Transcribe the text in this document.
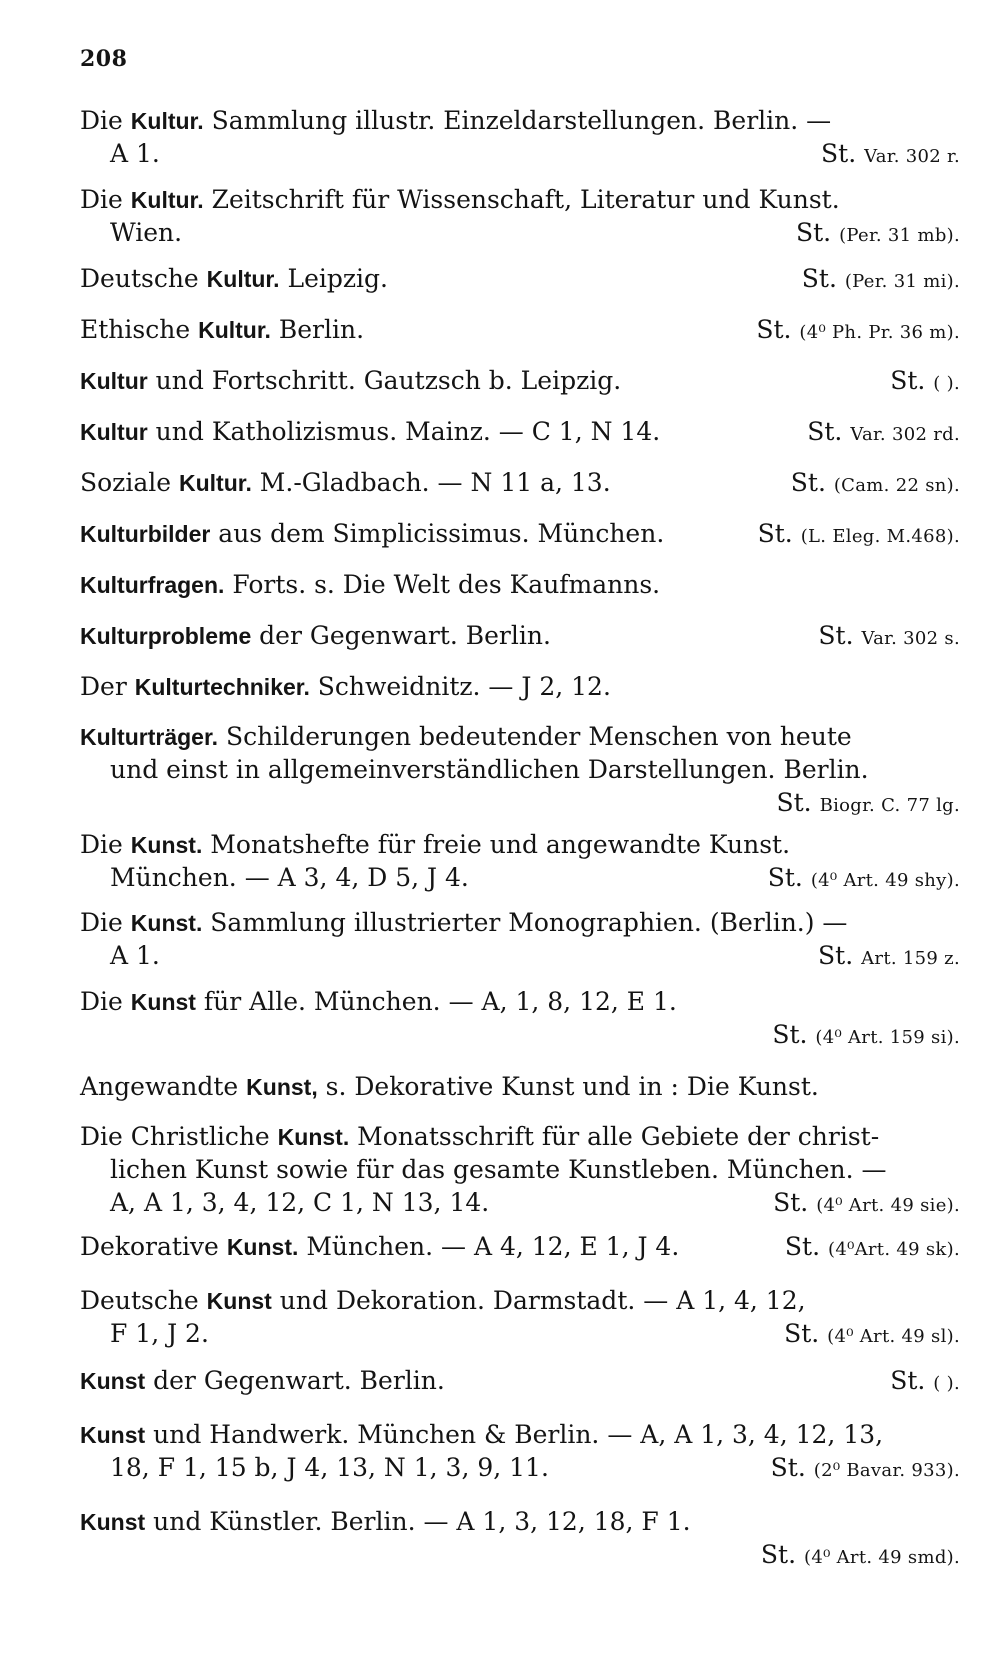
208
Die Kultur. Sammlung illustr. Einzeldarstellungen. Berlin. —
A 1.	St. Var. 302 r.
Die Kultur. Zeitschrift für Wissenschaft, Literatur und Kunst.
Wien.	St. (Per. 31 mb).
Deutsche Kultur. Leipzig.	St. (Per. 31 mi).
Ethische Kultur. Berlin.	St. (4⁰ Ph. Pr. 36 m).
Kultur und Fortschritt. Gautzsch b. Leipzig.	St. ( ).
Kultur und Katholizismus. Mainz. — C 1, N 14.	St. Var. 302 rd.
Soziale Kultur. M.-Gladbach. — N 11 a, 13.	St. (Cam. 22 sn).
Kulturbilder aus dem Simplicissimus. München.	St. (L. Eleg. M.468).
Kulturfragen. Forts. s. Die Welt des Kaufmanns.
Kulturprobleme der Gegenwart. Berlin.	St. Var. 302 s.
Der Kulturtechniker. Schweidnitz. — J 2, 12.
Kulturträger. Schilderungen bedeutender Menschen von heute
und einst in allgemeinverständlichen Darstellungen. Berlin.
St. Biogr. C. 77 lg.
Die Kunst. Monatshefte für freie und angewandte Kunst.
München. — A 3, 4, D 5, J 4.	St. (4⁰ Art. 49 shy).
Die Kunst. Sammlung illustrierter Monographien. (Berlin.) —
A 1.	St. Art. 159 z.
Die Kunst für Alle. München. — A, 1, 8, 12, E 1.
St. (4⁰ Art. 159 si).
Angewandte Kunst, s. Dekorative Kunst und in : Die Kunst.
Die Christliche Kunst. Monatsschrift für alle Gebiete der christ-
lichen Kunst sowie für das gesamte Kunstleben. München. —
A, A 1, 3, 4, 12, C 1, N 13, 14.	St. (4⁰ Art. 49 sie).
Dekorative Kunst. München. — A 4, 12, E 1, J 4.	St. (4⁰Art. 49 sk).
Deutsche Kunst und Dekoration. Darmstadt. — A 1, 4, 12,
F 1, J 2.	St. (4⁰ Art. 49 sl).
Kunst der Gegenwart. Berlin.	St. ( ).
Kunst und Handwerk. München & Berlin. — A, A 1, 3, 4, 12, 13,
18, F 1, 15 b, J 4, 13, N 1, 3, 9, 11.	St. (2⁰ Bavar. 933).
Kunst und Künstler. Berlin. — A 1, 3, 12, 18, F 1.
St. (4⁰ Art. 49 smd).
